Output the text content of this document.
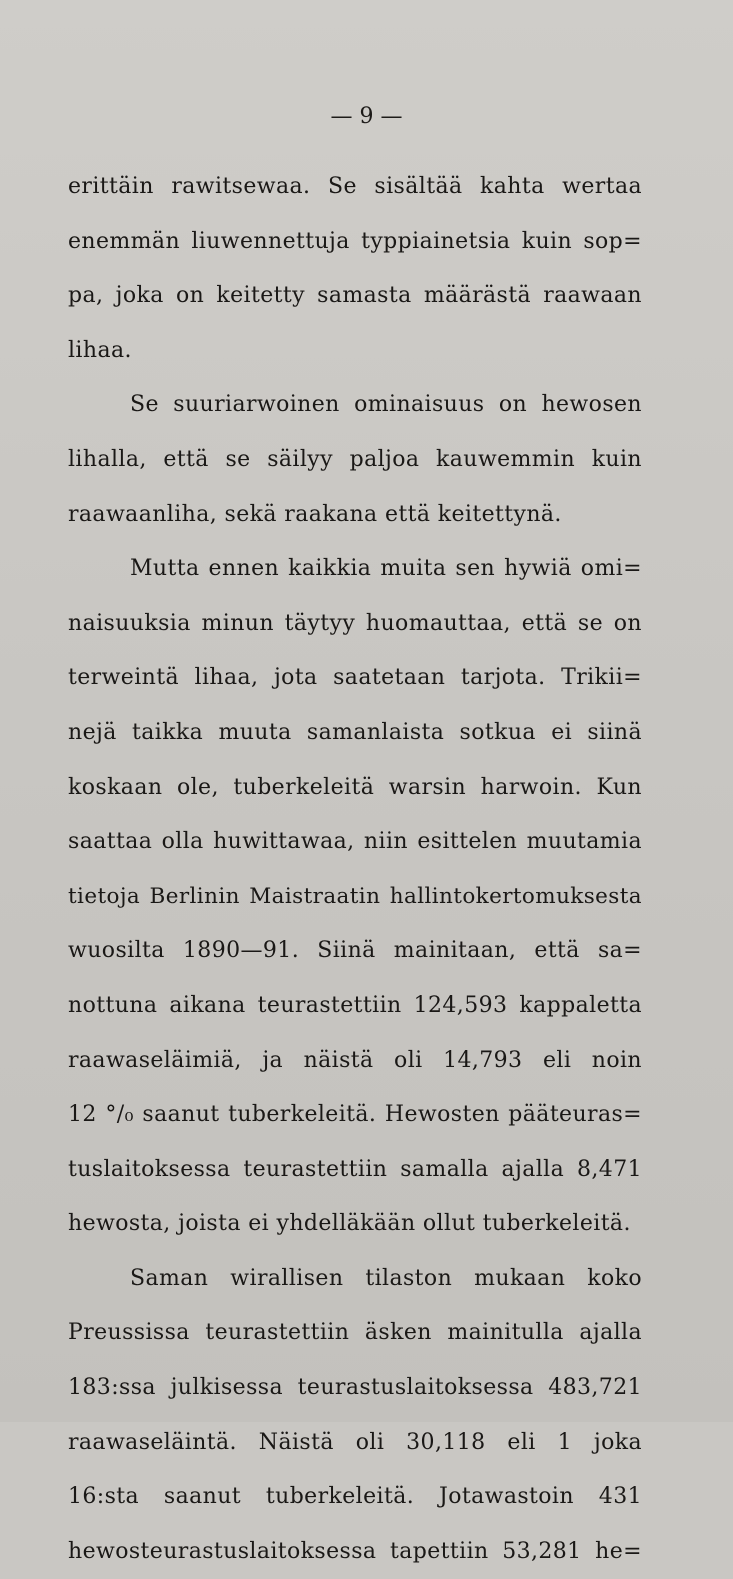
— 9 —
erittäin rawitsewaa. Se sisältää kahta wertaa
enemmän liuwennettuja typpiainetsia kuin sop=
pa, joka on keitetty samasta määrästä raawaan
lihaa.
Se suuriarwoinen ominaisuus on hewosen
lihalla, että se säilyy paljoa kauwemmin kuin
raawaanliha, sekä raakana että keitettynä.
Mutta ennen kaikkia muita sen hywiä omi=
naisuuksia minun täytyy huomauttaa, että se on
terweintä lihaa, jota saatetaan tarjota. Trikii=
nejä taikka muuta samanlaista sotkua ei siinä
koskaan ole, tuberkeleitä warsin harwoin. Kun
saattaa olla huwittawaa, niin esittelen muutamia
tietoja Berlinin Maistraatin hallintokertomuksesta
wuosilta 1890—91. Siinä mainitaan, että sa=
nottuna aikana teurastettiin 124,593 kappaletta
raawaseläimiä, ja näistä oli 14,793 eli noin
12 °/₀ saanut tuberkeleitä. Hewosten pääteuras=
tuslaitoksessa teurastettiin samalla ajalla 8,471
hewosta, joista ei yhdelläkään ollut tuberkeleitä.
Saman wirallisen tilaston mukaan koko
Preussissa teurastettiin äsken mainitulla ajalla
183:ssa julkisessa teurastuslaitoksessa 483,721
raawaseläintä. Näistä oli 30,118 eli 1 joka
16:sta saanut tuberkeleitä. Jotawastoin 431
hewosteurastuslaitoksessa tapettiin 53,281 he=
